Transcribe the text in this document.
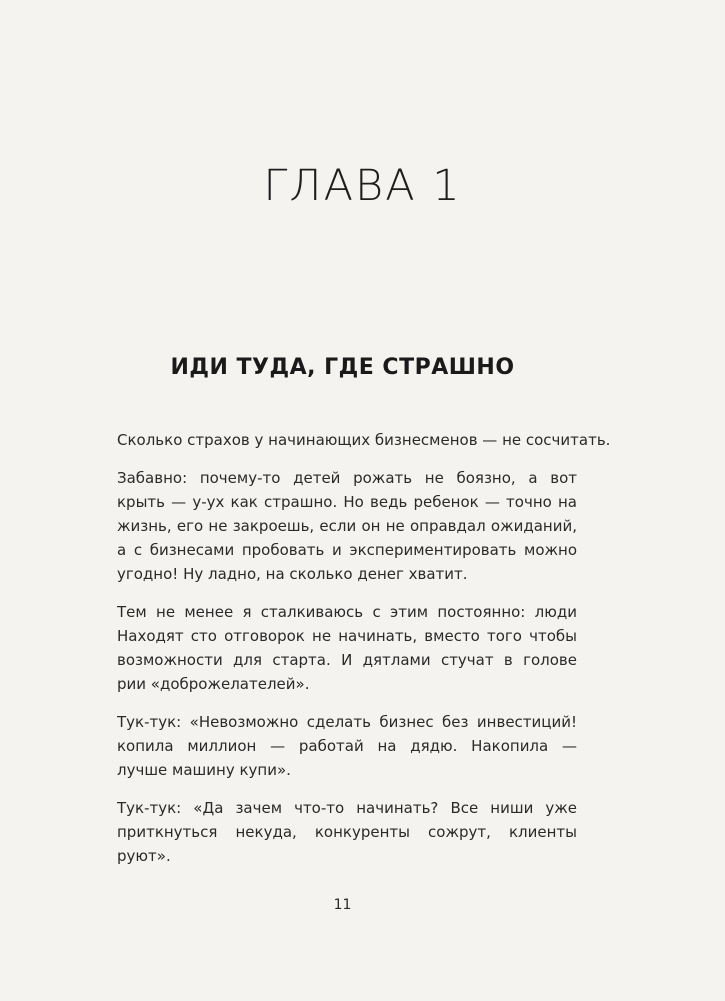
ГЛАВА 1
ИДИ ТУДА, ГДЕ СТРАШНО
Сколько страхов у начинающих бизнесменов — не сосчитать.
Забавно: почему-то детей рожать не боязно, а вот
крыть — у-ух как страшно. Но ведь ребенок — точно на
жизнь, его не закроешь, если он не оправдал ожиданий,
а с бизнесами пробовать и экспериментировать можно
угодно! Ну ладно, на сколько денег хватит.
Тем не менее я сталкиваюсь с этим постоянно: люди
Находят сто отговорок не начинать, вместо того чтобы
возможности для старта. И дятлами стучат в голове
рии «доброжелателей».
Тук-тук: «Невозможно сделать бизнес без инвестиций!
копила миллион — работай на дядю. Накопила —
лучше машину купи».
Тук-тук: «Да зачем что-то начинать? Все ниши уже
приткнуться некуда, конкуренты сожрут, клиенты
руют».
11
